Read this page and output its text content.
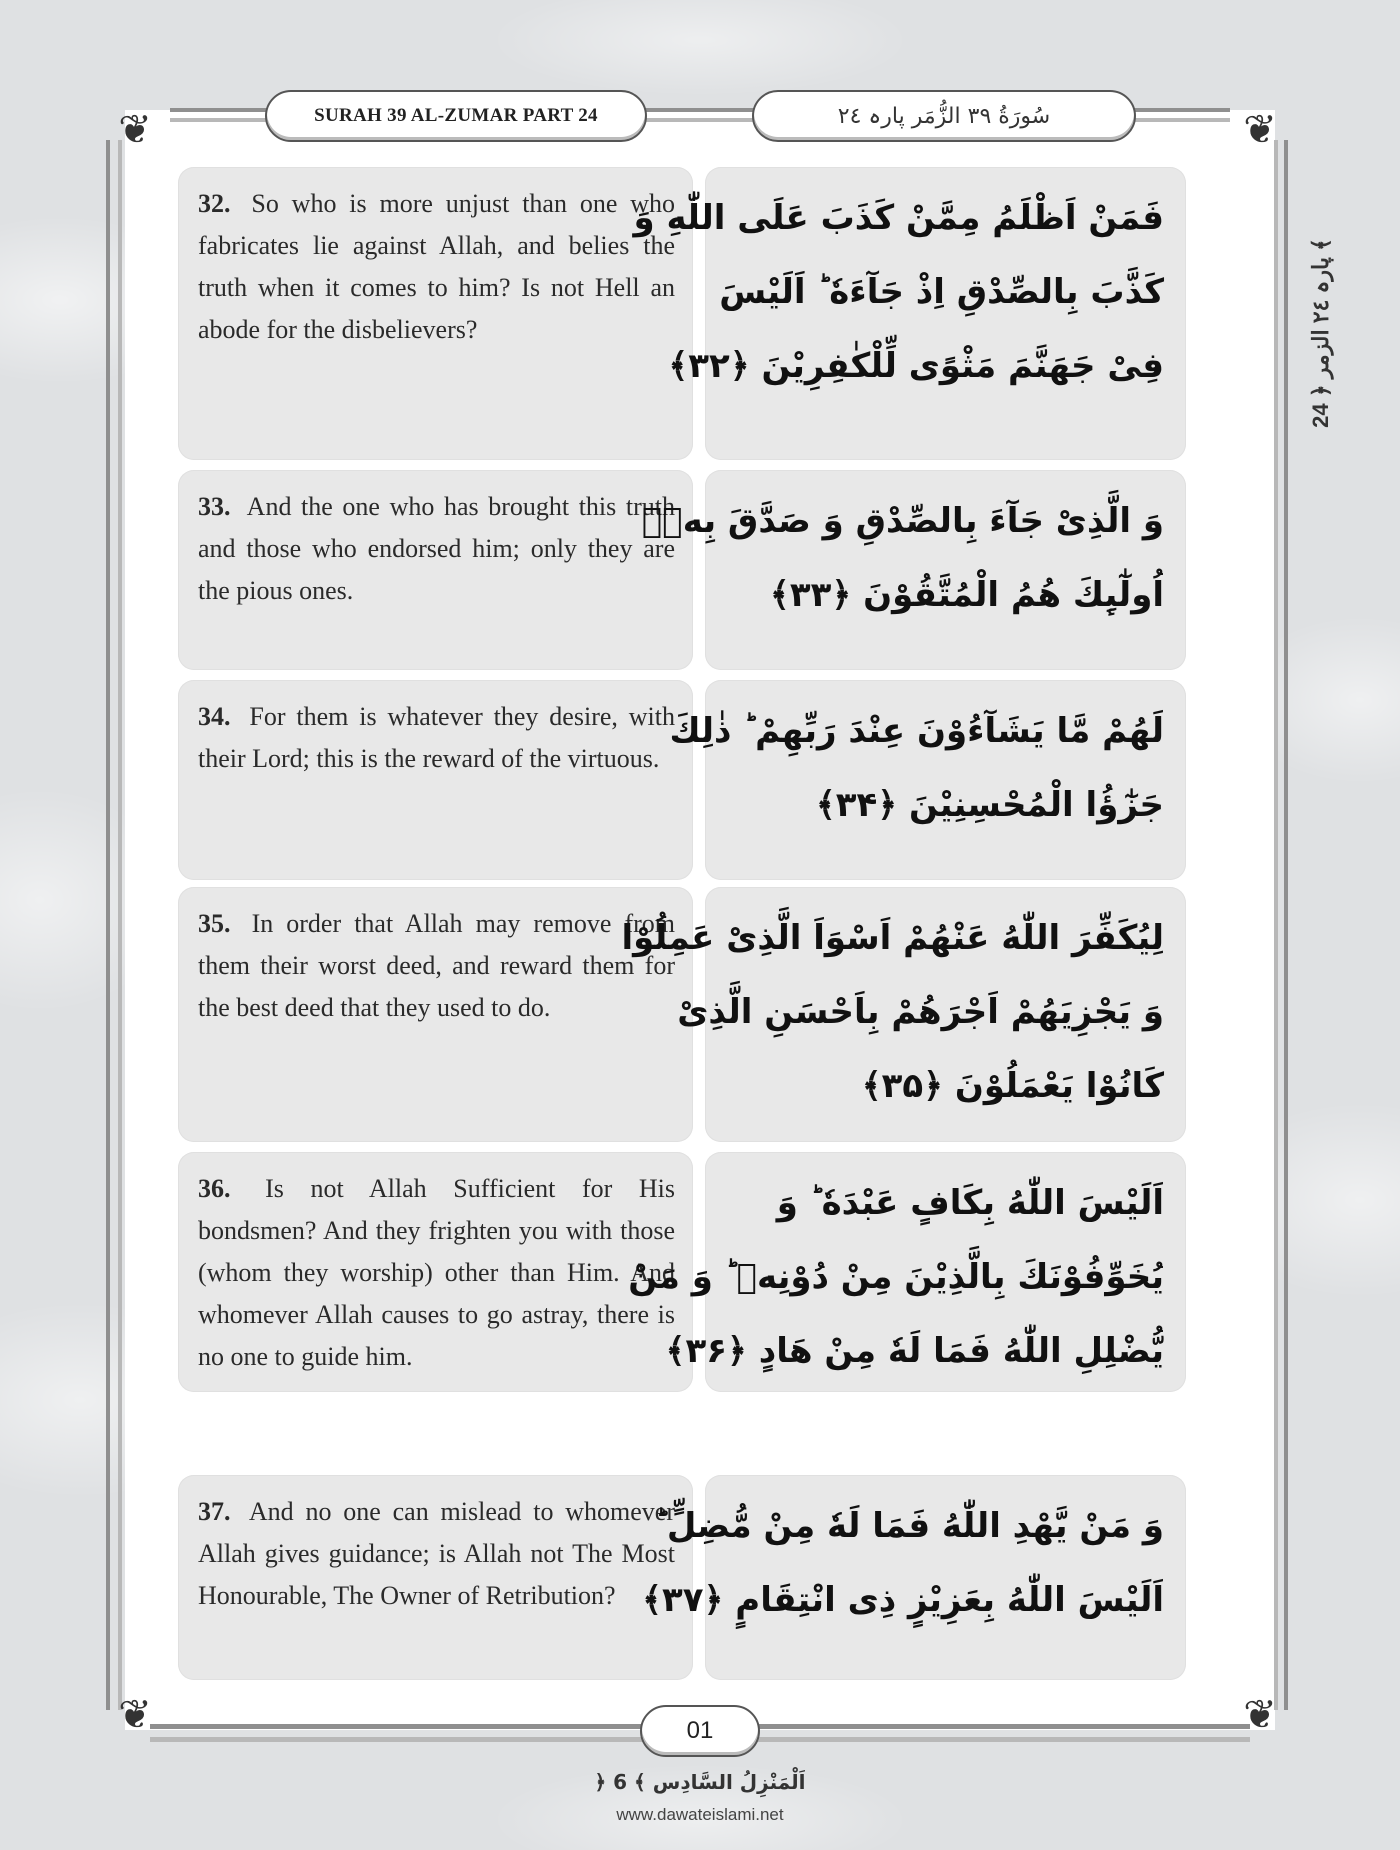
❦	❦
❦	❦
SURAH 39 AL-ZUMAR PART 24	سُورَةُ ٣٩ الزُّمَر پارہ ٢٤
24 ﴿ پارہ ٢٤ الزمر ﴾

32. So who is more unjust than one who fabricates lie against Allah, and belies the truth when it comes to him? Is not Hell an abode for the disbelievers?

فَمَنْ اَظْلَمُ مِمَّنْ كَذَبَ عَلَى اللّٰهِ وَ
كَذَّبَ بِالصِّدْقِ اِذْ جَآءَهٗ ؕ اَلَیْسَ
فِیْ جَهَنَّمَ مَثْوًى لِّلْكٰفِرِیْنَ ﴿۳۲﴾

33. And the one who has brought this truth and those who endorsed him; only they are the pious ones.

وَ الَّذِیْ جَآءَ بِالصِّدْقِ وَ صَدَّقَ بِهٖۤ
اُولٰٓىِٕكَ هُمُ الْمُتَّقُوْنَ ﴿۳۳﴾

34. For them is whatever they desire, with their Lord; this is the reward of the virtuous.

لَهُمْ مَّا یَشَآءُوْنَ عِنْدَ رَبِّهِمْ ؕ ذٰلِكَ
جَزٰٓؤُا الْمُحْسِنِیْنَ ﴿۳۴﴾

35. In order that Allah may remove from them their worst deed, and reward them for the best deed that they used to do.

لِیُكَفِّرَ اللّٰهُ عَنْهُمْ اَسْوَاَ الَّذِیْ عَمِلُوْا
وَ یَجْزِیَهُمْ اَجْرَهُمْ بِاَحْسَنِ الَّذِیْ
كَانُوْا یَعْمَلُوْنَ ﴿۳۵﴾

36. Is not Allah Sufficient for His bondsmen? And they frighten you with those (whom they worship) other than Him. And whomever Allah causes to go astray, there is no one to guide him.

اَلَیْسَ اللّٰهُ بِكَافٍ عَبْدَهٗ ؕ وَ
یُخَوِّفُوْنَكَ بِالَّذِیْنَ مِنْ دُوْنِهٖ ؕ وَ مَنْ
یُّضْلِلِ اللّٰهُ فَمَا لَهٗ مِنْ هَادٍ ﴿۳۶﴾

37. And no one can mislead to whomever Allah gives guidance; is Allah not The Most Honourable, The Owner of Retribution?

وَ مَنْ یَّهْدِ اللّٰهُ فَمَا لَهٗ مِنْ مُّضِلٍّ ؕ
اَلَیْسَ اللّٰهُ بِعَزِیْزٍ ذِی انْتِقَامٍ ﴿۳۷﴾
01
﴿ 6 ﴾ اَلْمَنْزِلُ السَّادِس
www.dawateislami.net
